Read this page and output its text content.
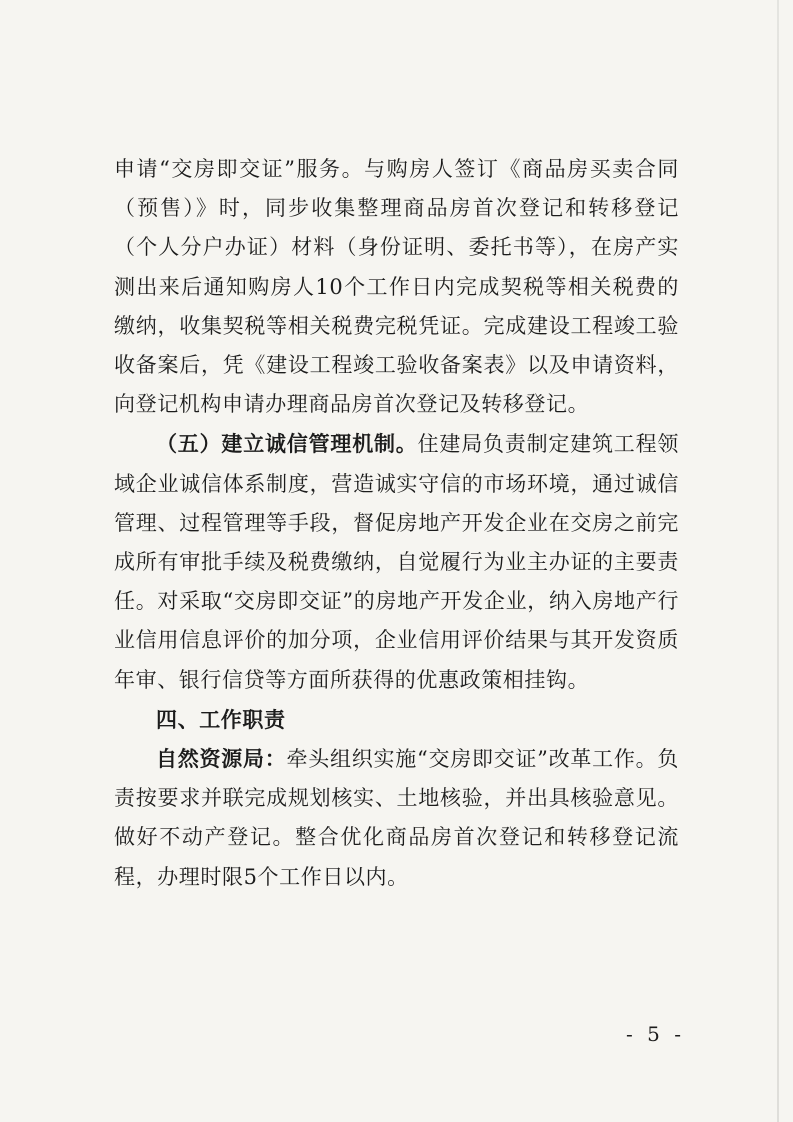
申请“交房即交证”服务。与购房人签订《商品房买卖合同（预售）》时，同步收集整理商品房首次登记和转移登记（个人分户办证）材料（身份证明、委托书等），在房产实测出来后通知购房人10个工作日内完成契税等相关税费的缴纳，收集契税等相关税费完税凭证。完成建设工程竣工验收备案后，凭《建设工程竣工验收备案表》以及申请资料，向登记机构申请办理商品房首次登记及转移登记。

（五）建立诚信管理机制。住建局负责制定建筑工程领域企业诚信体系制度，营造诚实守信的市场环境，通过诚信管理、过程管理等手段，督促房地产开发企业在交房之前完成所有审批手续及税费缴纳，自觉履行为业主办证的主要责任。对采取“交房即交证”的房地产开发企业，纳入房地产行业信用信息评价的加分项，企业信用评价结果与其开发资质年审、银行信贷等方面所获得的优惠政策相挂钩。

四、工作职责

自然资源局：牵头组织实施“交房即交证”改革工作。负责按要求并联完成规划核实、土地核验，并出具核验意见。做好不动产登记。整合优化商品房首次登记和转移登记流程，办理时限5个工作日以内。

- 5 -
